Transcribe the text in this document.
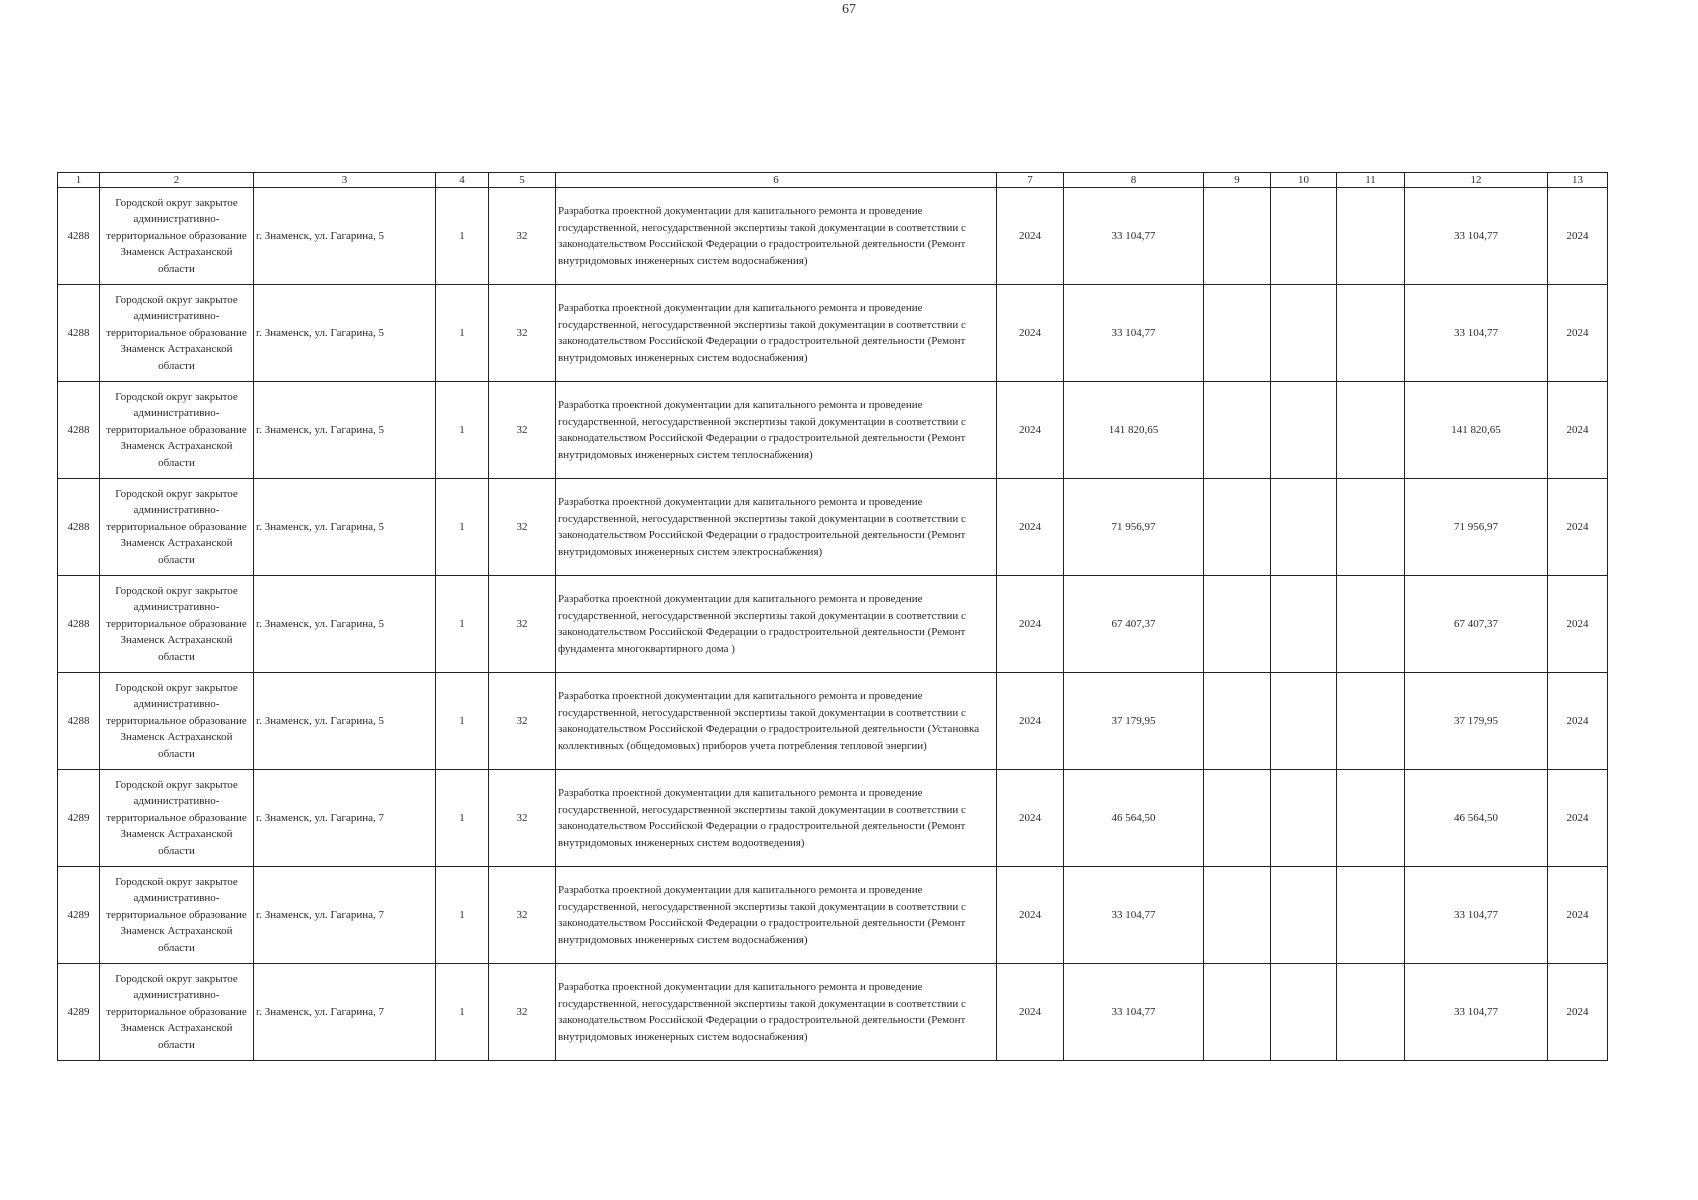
67
1	2	3	4	5	6	7	8	9	10	11	12	13
4288	Городской округ закрытое административно-территориальное образование Знаменск Астраханской области	г. Знаменск, ул. Гагарина, 5	1	32	Разработка проектной документации для капитального ремонта и проведение государственной, негосударственной экспертизы такой документации в соответствии с законодательством Российской Федерации о градостроительной деятельности (Ремонт внутридомовых инженерных систем водоснабжения)	2024	33 104,77				33 104,77	2024
4288	Городской округ закрытое административно-территориальное образование Знаменск Астраханской области	г. Знаменск, ул. Гагарина, 5	1	32	Разработка проектной документации для капитального ремонта и проведение государственной, негосударственной экспертизы такой документации в соответствии с законодательством Российской Федерации о градостроительной деятельности (Ремонт внутридомовых инженерных систем водоснабжения)	2024	33 104,77				33 104,77	2024
4288	Городской округ закрытое административно-территориальное образование Знаменск Астраханской области	г. Знаменск, ул. Гагарина, 5	1	32	Разработка проектной документации для капитального ремонта и проведение государственной, негосударственной экспертизы такой документации в соответствии с законодательством Российской Федерации о градостроительной деятельности (Ремонт внутридомовых инженерных систем теплоснабжения)	2024	141 820,65				141 820,65	2024
4288	Городской округ закрытое административно-территориальное образование Знаменск Астраханской области	г. Знаменск, ул. Гагарина, 5	1	32	Разработка проектной документации для капитального ремонта и проведение государственной, негосударственной экспертизы такой документации в соответствии с законодательством Российской Федерации о градостроительной деятельности (Ремонт внутридомовых инженерных систем электроснабжения)	2024	71 956,97				71 956,97	2024
4288	Городской округ закрытое административно-территориальное образование Знаменск Астраханской области	г. Знаменск, ул. Гагарина, 5	1	32	Разработка проектной документации для капитального ремонта и проведение государственной, негосударственной экспертизы такой документации в соответствии с законодательством Российской Федерации о градостроительной деятельности (Ремонт фундамента многоквартирного дома )	2024	67 407,37				67 407,37	2024
4288	Городской округ закрытое административно-территориальное образование Знаменск Астраханской области	г. Знаменск, ул. Гагарина, 5	1	32	Разработка проектной документации для капитального ремонта и проведение государственной, негосударственной экспертизы такой документации в соответствии с законодательством Российской Федерации о градостроительной деятельности (Установка коллективных (общедомовых) приборов учета потребления тепловой энергии)	2024	37 179,95				37 179,95	2024
4289	Городской округ закрытое административно-территориальное образование Знаменск Астраханской области	г. Знаменск, ул. Гагарина, 7	1	32	Разработка проектной документации для капитального ремонта и проведение государственной, негосударственной экспертизы такой документации в соответствии с законодательством Российской Федерации о градостроительной деятельности (Ремонт внутридомовых инженерных систем водоотведения)	2024	46 564,50				46 564,50	2024
4289	Городской округ закрытое административно-территориальное образование Знаменск Астраханской области	г. Знаменск, ул. Гагарина, 7	1	32	Разработка проектной документации для капитального ремонта и проведение государственной, негосударственной экспертизы такой документации в соответствии с законодательством Российской Федерации о градостроительной деятельности (Ремонт внутридомовых инженерных систем водоснабжения)	2024	33 104,77				33 104,77	2024
4289	Городской округ закрытое административно-территориальное образование Знаменск Астраханской области	г. Знаменск, ул. Гагарина, 7	1	32	Разработка проектной документации для капитального ремонта и проведение государственной, негосударственной экспертизы такой документации в соответствии с законодательством Российской Федерации о градостроительной деятельности (Ремонт внутридомовых инженерных систем водоснабжения)	2024	33 104,77				33 104,77	2024
